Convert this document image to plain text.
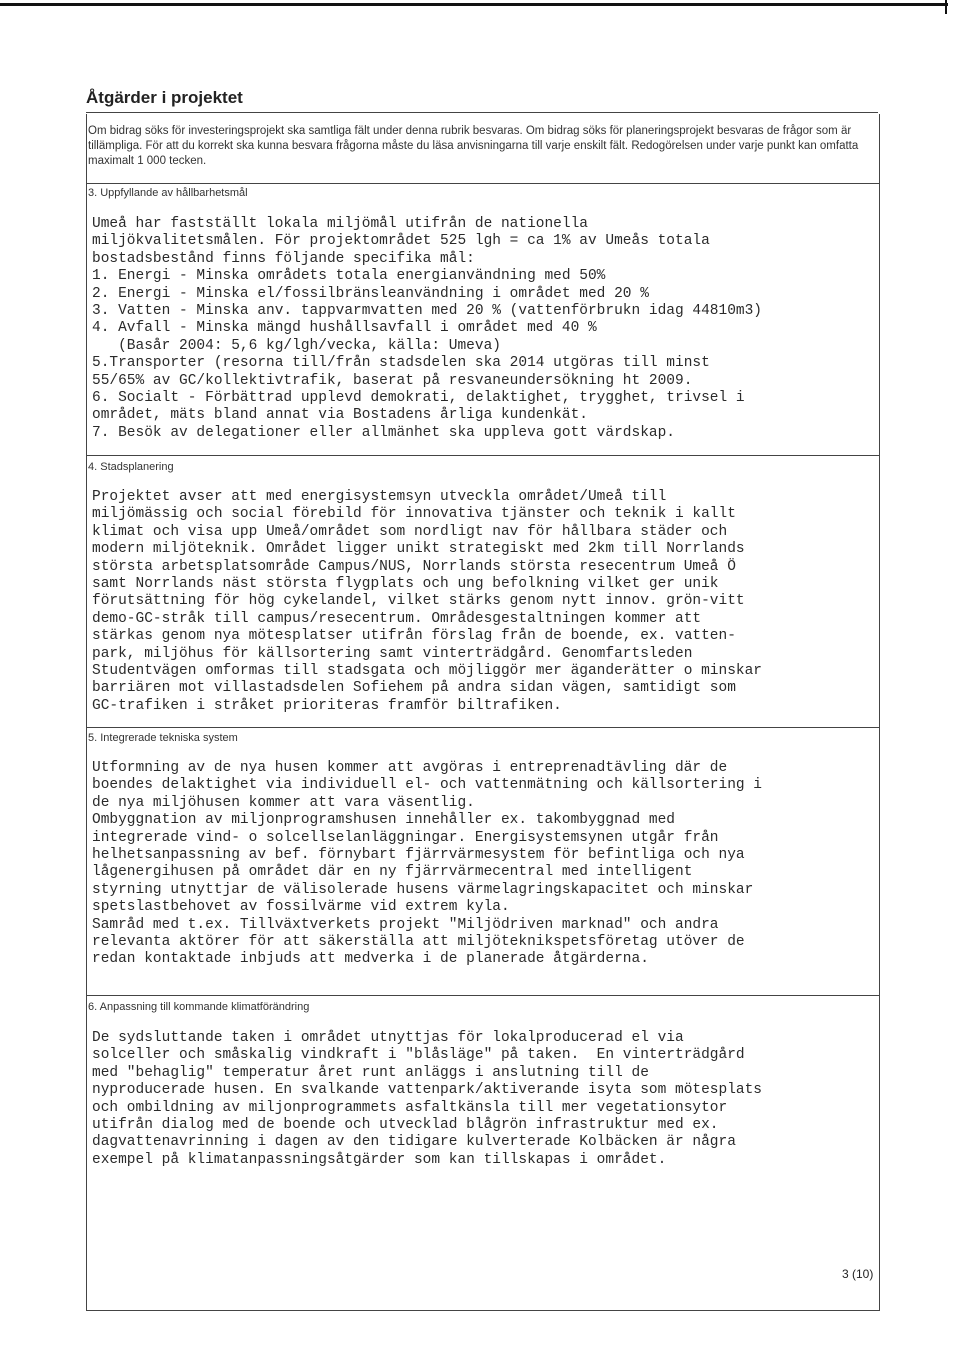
Åtgärder i projektet

Om bidrag söks för investeringsprojekt ska samtliga fält under denna rubrik besvaras. Om bidrag söks för planeringsprojekt besvaras de frågor som är tillämpliga. För att du korrekt ska kunna besvara frågorna måste du läsa anvisningarna till varje enskilt fält. Redogörelsen under varje punkt kan omfatta maximalt 1 000 tecken.

3. Uppfyllande av hållbarhetsmål

Umeå har fastställt lokala miljömål utifrån de nationella
miljökvalitetsmålen. För projektområdet 525 lgh = ca 1% av Umeås totala
bostadsbestånd finns följande specifika mål:
1. Energi - Minska områdets totala energianvändning med 50%
2. Energi - Minska el/fossilbränsleanvändning i området med 20 %
3. Vatten - Minska anv. tappvarmvatten med 20 % (vattenförbrukn idag 44810m3)
4. Avfall - Minska mängd hushållsavfall i området med 40 %
(Basår 2004: 5,6 kg/lgh/vecka, källa: Umeva)
5.Transporter (resorna till/från stadsdelen ska 2014 utgöras till minst
55/65% av GC/kollektivtrafik, baserat på resvaneundersökning ht 2009.
6. Socialt - Förbättrad upplevd demokrati, delaktighet, trygghet, trivsel i
området, mäts bland annat via Bostadens årliga kundenkät.
7. Besök av delegationer eller allmänhet ska uppleva gott värdskap.

4. Stadsplanering

Projektet avser att med energisystemsyn utveckla området/Umeå till
miljömässig och social förebild för innovativa tjänster och teknik i kallt
klimat och visa upp Umeå/området som nordligt nav för hållbara städer och
modern miljöteknik. Området ligger unikt strategiskt med 2km till Norrlands
största arbetsplatsområde Campus/NUS, Norrlands största resecentrum Umeå Ö
samt Norrlands näst största flygplats och ung befolkning vilket ger unik
förutsättning för hög cykelandel, vilket stärks genom nytt innov. grön-vitt
demo-GC-stråk till campus/resecentrum. Områdesgestaltningen kommer att
stärkas genom nya mötesplatser utifrån förslag från de boende, ex. vatten-
park, miljöhus för källsortering samt vinterträdgård. Genomfartsleden
Studentvägen omformas till stadsgata och möjliggör mer äganderätter o minskar
barriären mot villastadsdelen Sofiehem på andra sidan vägen, samtidigt som
GC-trafiken i stråket prioriteras framför biltrafiken.

5. Integrerade tekniska system

Utformning av de nya husen kommer att avgöras i entreprenadtävling där de
boendes delaktighet via individuell el- och vattenmätning och källsortering i
de nya miljöhusen kommer att vara väsentlig.
Ombyggnation av miljonprogramshusen innehåller ex. takombyggnad med
integrerade vind- o solcellselanläggningar. Energisystemsynen utgår från
helhetsanpassning av bef. förnybart fjärrvärmesystem för befintliga och nya
lågenergihusen på området där en ny fjärrvärmecentral med intelligent
styrning utnyttjar de välisolerade husens värmelagringskapacitet och minskar
spetslastbehovet av fossilvärme vid extrem kyla.
Samråd med t.ex. Tillväxtverkets projekt "Miljödriven marknad" och andra
relevanta aktörer för att säkerställa att miljöteknikspetsföretag utöver de
redan kontaktade inbjuds att medverka i de planerade åtgärderna.

6. Anpassning till kommande klimatförändring

De sydsluttande taken i området utnyttjas för lokalproducerad el via
solceller och småskalig vindkraft i "blåsläge" på taken.  En vinterträdgård
med "behaglig" temperatur året runt anläggs i anslutning till de
nyproducerade husen. En svalkande vattenpark/aktiverande isyta som mötesplats
och ombildning av miljonprogrammets asfaltkänsla till mer vegetationsytor
utifrån dialog med de boende och utvecklad blågrön infrastruktur med ex.
dagvattenavrinning i dagen av den tidigare kulverterade Kolbäcken är några
exempel på klimatanpassningsåtgärder som kan tillskapas i området.

3 (10)
